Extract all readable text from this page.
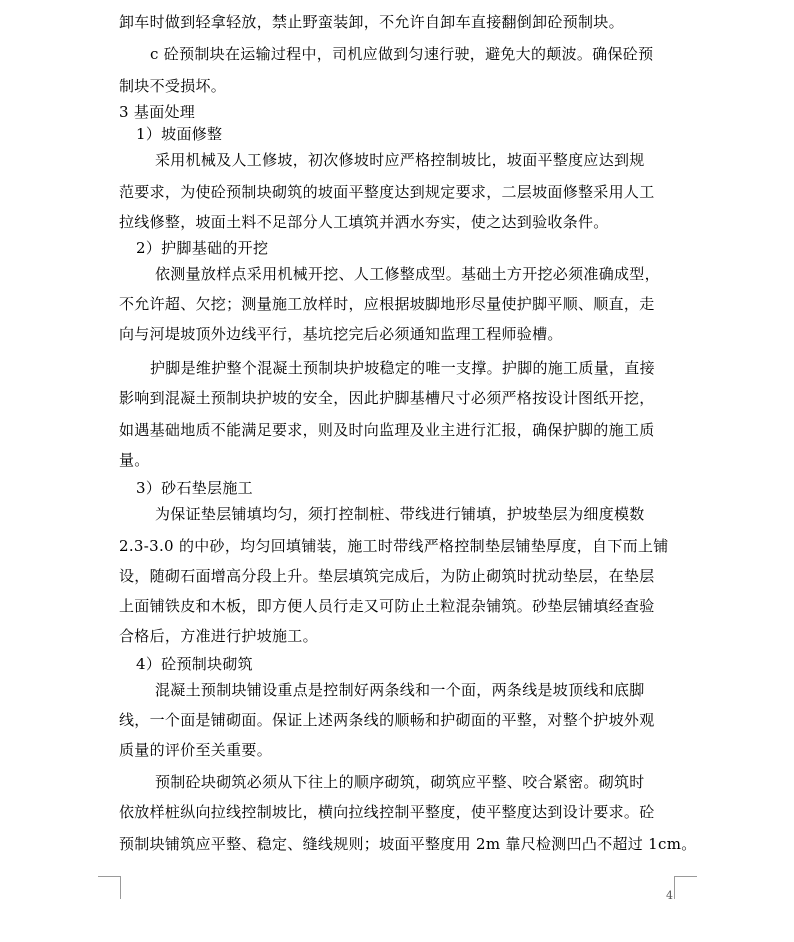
卸车时做到轻拿轻放，禁止野蛮装卸，不允许自卸车直接翻倒卸砼预制块。
c 砼预制块在运输过程中，司机应做到匀速行驶，避免大的颠波。确保砼预
制块不受损坏。
3 基面处理
1）坡面修整
采用机械及人工修坡，初次修坡时应严格控制坡比，坡面平整度应达到规
范要求，为使砼预制块砌筑的坡面平整度达到规定要求，二层坡面修整采用人工
拉线修整，坡面土料不足部分人工填筑并洒水夯实，使之达到验收条件。
2）护脚基础的开挖
依测量放样点采用机械开挖、人工修整成型。基础土方开挖必须准确成型，
不允许超、欠挖；测量施工放样时，应根据坡脚地形尽量使护脚平顺、顺直，走
向与河堤坡顶外边线平行，基坑挖完后必须通知监理工程师验槽。
护脚是维护整个混凝土预制块护坡稳定的唯一支撑。护脚的施工质量，直接
影响到混凝土预制块护坡的安全，因此护脚基槽尺寸必须严格按设计图纸开挖，
如遇基础地质不能满足要求，则及时向监理及业主进行汇报，确保护脚的施工质
量。
3）砂石垫层施工
为保证垫层铺填均匀，须打控制桩、带线进行铺填，护坡垫层为细度模数
2.3-3.0 的中砂，均匀回填铺装，施工时带线严格控制垫层铺垫厚度，自下而上铺
设，随砌石面增高分段上升。垫层填筑完成后，为防止砌筑时扰动垫层，在垫层
上面铺铁皮和木板，即方便人员行走又可防止土粒混杂铺筑。砂垫层铺填经查验
合格后，方准进行护坡施工。
4）砼预制块砌筑
混凝土预制块铺设重点是控制好两条线和一个面，两条线是坡顶线和底脚
线，一个面是铺砌面。保证上述两条线的顺畅和护砌面的平整，对整个护坡外观
质量的评价至关重要。
预制砼块砌筑必须从下往上的顺序砌筑，砌筑应平整、咬合紧密。砌筑时
依放样桩纵向拉线控制坡比，横向拉线控制平整度，使平整度达到设计要求。砼
预制块铺筑应平整、稳定、缝线规则；坡面平整度用 2m 靠尺检测凹凸不超过 1cm。
4
